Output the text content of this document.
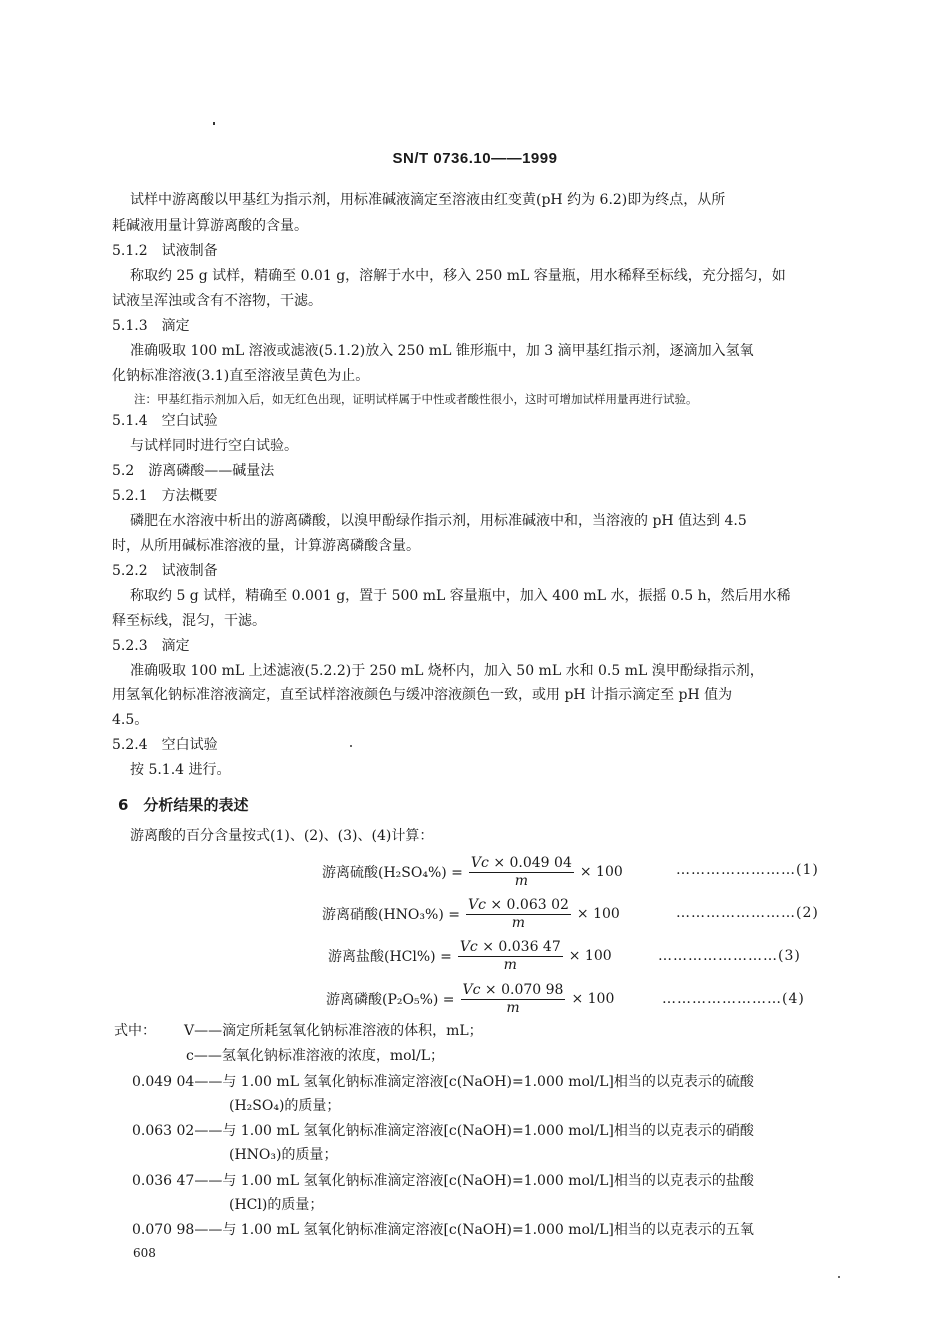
SN/T 0736.10——1999
试样中游离酸以甲基红为指示剂，用标准碱液滴定至溶液由红变黄(pH 约为 6.2)即为终点，从所
耗碱液用量计算游离酸的含量。
5.1.2　试液制备
称取约 25 g 试样，精确至 0.01 g，溶解于水中，移入 250 mL 容量瓶，用水稀释至标线，充分摇匀，如
试液呈浑浊或含有不溶物，干滤。
5.1.3　滴定
准确吸取 100 mL 溶液或滤液(5.1.2)放入 250 mL 锥形瓶中，加 3 滴甲基红指示剂，逐滴加入氢氧
化钠标准溶液(3.1)直至溶液呈黄色为止。
注：甲基红指示剂加入后，如无红色出现，证明试样属于中性或者酸性很小，这时可增加试样用量再进行试验。
5.1.4　空白试验
与试样同时进行空白试验。
5.2　游离磷酸——碱量法
5.2.1　方法概要
磷肥在水溶液中析出的游离磷酸，以溴甲酚绿作指示剂，用标准碱液中和，当溶液的 pH 值达到 4.5
时，从所用碱标准溶液的量，计算游离磷酸含量。
5.2.2　试液制备
称取约 5 g 试样，精确至 0.001 g，置于 500 mL 容量瓶中，加入 400 mL 水，振摇 0.5 h，然后用水稀
释至标线，混匀，干滤。
5.2.3　滴定
准确吸取 100 mL 上述滤液(5.2.2)于 250 mL 烧杯内，加入 50 mL 水和 0.5 mL 溴甲酚绿指示剂，
用氢氧化钠标准溶液滴定，直至试样溶液颜色与缓冲溶液颜色一致，或用 pH 计指示滴定至 pH 值为
4.5。
5.2.4　空白试验
按 5.1.4 进行。
6　分析结果的表述
游离酸的百分含量按式(1)、(2)、(3)、(4)计算：
游离硫酸$(H_2SO_4\%) = \frac{Vc \times 0.049 04}{m} \times 100$	……………………(1)
游离硝酸$(HNO_3\%) = \frac{Vc \times 0.063 02}{m} \times 100$	……………………(2)
游离盐酸$(HCl\%) = \frac{Vc \times 0.036 47}{m} \times 100$	……………………(3)
游离磷酸$(P_2O_5\%) = \frac{Vc \times 0.070 98}{m} \times 100$	……………………(4)
式中： V——滴定所耗氢氧化钠标准溶液的体积，mL；
c——氢氧化钠标准溶液的浓度，mol/L；
0.049 04——与 1.00 mL 氢氧化钠标准滴定溶液[c(NaOH)=1.000 mol/L]相当的以克表示的硫酸
(H₂SO₄)的质量；
0.063 02——与 1.00 mL 氢氧化钠标准滴定溶液[c(NaOH)=1.000 mol/L]相当的以克表示的硝酸
(HNO₃)的质量；
0.036 47——与 1.00 mL 氢氧化钠标准滴定溶液[c(NaOH)=1.000 mol/L]相当的以克表示的盐酸
(HCl)的质量；
0.070 98——与 1.00 mL 氢氧化钠标准滴定溶液[c(NaOH)=1.000 mol/L]相当的以克表示的五氧
608
